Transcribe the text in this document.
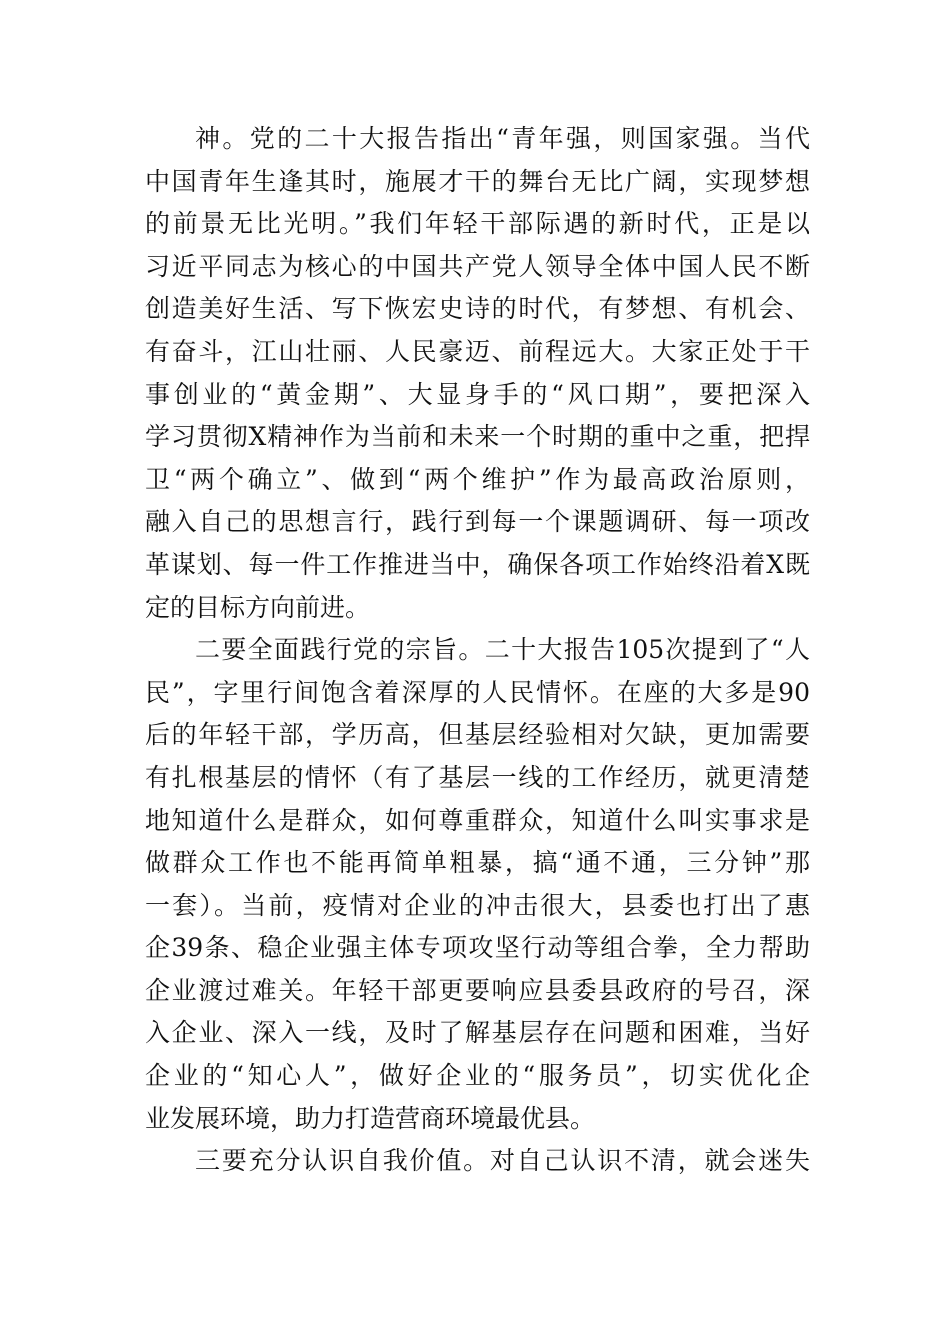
神。党的二十大报告指出“青年强，则国家强。当代
中国青年生逢其时，施展才干的舞台无比广阔，实现梦想
的前景无比光明。”我们年轻干部际遇的新时代，正是以
习近平同志为核心的中国共产党人领导全体中国人民不断
创造美好生活、写下恢宏史诗的时代，有梦想、有机会、
有奋斗，江山壮丽、人民豪迈、前程远大。大家正处于干
事创业的“黄金期”、大显身手的“风口期”，要把深入
学习贯彻X精神作为当前和未来一个时期的重中之重，把捍
卫“两个确立”、做到“两个维护”作为最高政治原则，
融入自己的思想言行，践行到每一个课题调研、每一项改
革谋划、每一件工作推进当中，确保各项工作始终沿着X既
定的目标方向前进。
二要全面践行党的宗旨。二十大报告105次提到了“人
民”，字里行间饱含着深厚的人民情怀。在座的大多是90
后的年轻干部，学历高，但基层经验相对欠缺，更加需要
有扎根基层的情怀（有了基层一线的工作经历，就更清楚
地知道什么是群众，如何尊重群众，知道什么叫实事求是
做群众工作也不能再简单粗暴，搞“通不通，三分钟”那
一套）。当前，疫情对企业的冲击很大，县委也打出了惠
企39条、稳企业强主体专项攻坚行动等组合拳，全力帮助
企业渡过难关。年轻干部更要响应县委县政府的号召，深
入企业、深入一线，及时了解基层存在问题和困难，当好
企业的“知心人”，做好企业的“服务员”，切实优化企
业发展环境，助力打造营商环境最优县。
三要充分认识自我价值。对自己认识不清，就会迷失
